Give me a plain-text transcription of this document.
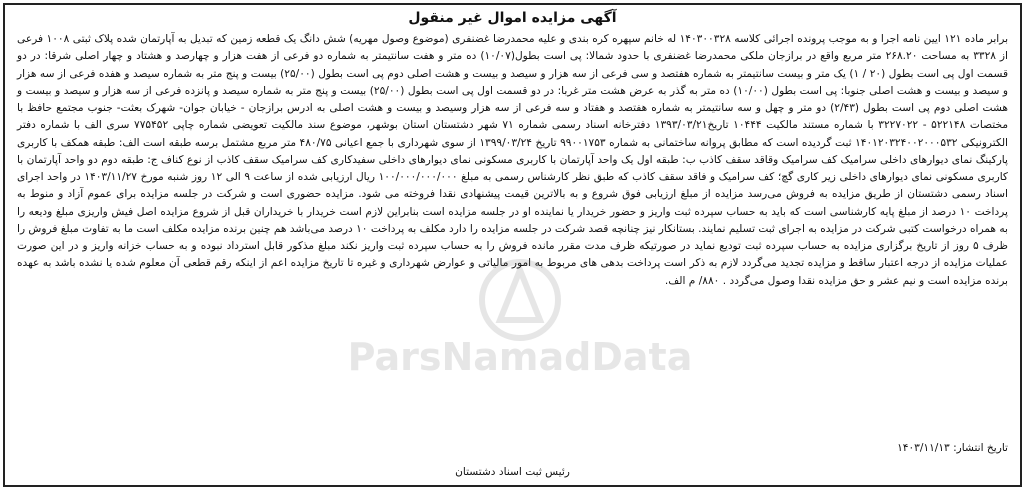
آگهی مزایده اموال غیر منقول
برابر ماده ۱۲۱ ایین نامه اجرا و به موجب پرونده اجرائی کلاسه ۱۴۰۳۰۰۳۲۸ له خانم سپهره کره بندی و علیه محمدرضا غضنفری (موضوع وصول مهریه) شش دانگ یک قطعه زمین که تبدیل به آپارتمان شده پلاک ثبتی ۱۰۰۸ فرعی از ۳۳۲۸ به مساحت ۲۶۸.۲۰ متر مربع واقع در برازجان ملکی محمدرضا غضنفری با حدود شمالا: پی است بطول(۱۰/۰۷) ده متر و هفت سانتیمتر به شماره دو فرعی از هفت هزار و چهارصد و هشتاد و چهار اصلی شرقا: در دو قسمت اول پی است بطول (۲۰ / ۱) یک متر و بیست سانتیمتر به شماره هفتصد و سی فرعی از سه هزار و سیصد و بیست و هشت اصلی دوم پی است بطول (۲۵/۰۰) بیست و پنج متر به شماره سیصد و هفده فرعی از سه هزار و سیصد و بیست و هشت اصلی جنوبا: پی است بطول (۱۰/۰۰) ده متر به گذر به عرض هشت متر غربا: در دو قسمت اول پی است بطول (۲۵/۰۰) بیست و پنج متر به شماره سیصد و پانزده فرعی از سه هزار و سیصد و بیست و هشت اصلی دوم پی است بطول (۲/۴۳) دو متر و چهل و سه سانتیمتر به شماره هفتصد و هفتاد و سه فرعی از سه هزار وسیصد و بیست و هشت اصلی به ادرس برازجان - خیابان جوان- شهرک بعثت- جنوب مجتمع حافظ با مختصات ۵۲۲۱۴۸ - ۳۲۲۷۰۲۲ با شماره مستند مالکیت ۱۰۴۴۴ تاریخ۱۳۹۳/۰۳/۲۱ دفترخانه اسناد رسمی شماره ۷۱ شهر دشتستان استان بوشهر، موضوع سند مالکیت تعویضی شماره چاپی ۷۷۵۴۵۲ سری الف با شماره دفتر الکترونیکی ۱۴۰۱۲۰۳۲۴۰۰۲۰۰۰۵۳۲ ثبت گردیده است که مطابق پروانه ساختمانی به شماره ۹۹۰۰۱۷۵۳ تاریخ ۱۳۹۹/۰۳/۲۴ از سوی شهرداری با جمع اعیانی ۴۸۰/۷۵ متر مربع مشتمل برسه طبقه است الف: طبقه همکف با کاربری پارکینگ نمای دیوارهای داخلی سرامیک کف سرامیک وقاقد سقف کاذب ب: طبقه اول یک واحد آپارتمان با کاربری مسکونی نمای دیوارهای داخلی سفیدکاری کف سرامیک سقف کاذب از نوع کناف ج: طبقه دوم دو واحد آپارتمان با کاربری مسکونی نمای دیوارهای داخلی زیر کاری گچ؛ کف سرامیک و فاقد سقف کاذب که طبق نظر کارشناس رسمی به مبلغ ۱۰۰/۰۰۰/۰۰۰/۰۰۰ ریال ارزیابی شده از ساعت ۹ الی ۱۲ روز شنبه مورخ ۱۴۰۳/۱۱/۲۷ در واحد اجرای اسناد رسمی دشتستان از طریق مزایده به فروش می‌رسد مزایده از مبلغ ارزیابی فوق شروع و به بالاترین قیمت پیشنهادی نقدا فروخته می شود. مزایده حضوری است و شرکت در جلسه مزایده برای عموم آزاد و منوط به پرداخت ۱۰ درصد از مبلغ پایه کارشناسی است که باید به حساب سپرده ثبت واریز و حضور خریدار یا نماینده او در جلسه مزایده است بنابراین لازم است خریدار با خریداران قبل از شروع مزایده اصل فیش واریزی مبلغ ودیعه را به همراه درخواست کتبی شرکت در مزایده به اجرای ثبت تسلیم نمایند. بستانکار نیز چنانچه قصد شرکت در جلسه مزایده را دارد مکلف به پرداخت ۱۰ درصد می‌باشد هم چنین برنده مزایده مکلف است ما به تفاوت مبلغ فروش را ظرف ۵ روز از تاریخ برگزاری مزایده به حساب سپرده ثبت تودیع نماید در صورتیکه ظرف مدت مقرر مانده فروش را به حساب سپرده ثبت واریز نکند مبلغ مذکور قابل استرداد نبوده و به حساب خزانه واریز و در این صورت عملیات مزایده از درجه اعتبار ساقط و مزایده تجدید می‌گردد لازم به ذکر است پرداخت بدهی های مربوط به امور مالیاتی و عوارض شهرداری و غیره تا تاریخ مزایده اعم از اینکه رقم قطعی آن معلوم شده یا نشده باشد به عهده برنده مزایده است و نیم عشر و حق مزایده نقدا وصول می‌گردد . ۸۸۰/ م الف.
تاریخ انتشار: ۱۴۰۳/۱۱/۱۳
رئیس ثبت اسناد دشتستان
